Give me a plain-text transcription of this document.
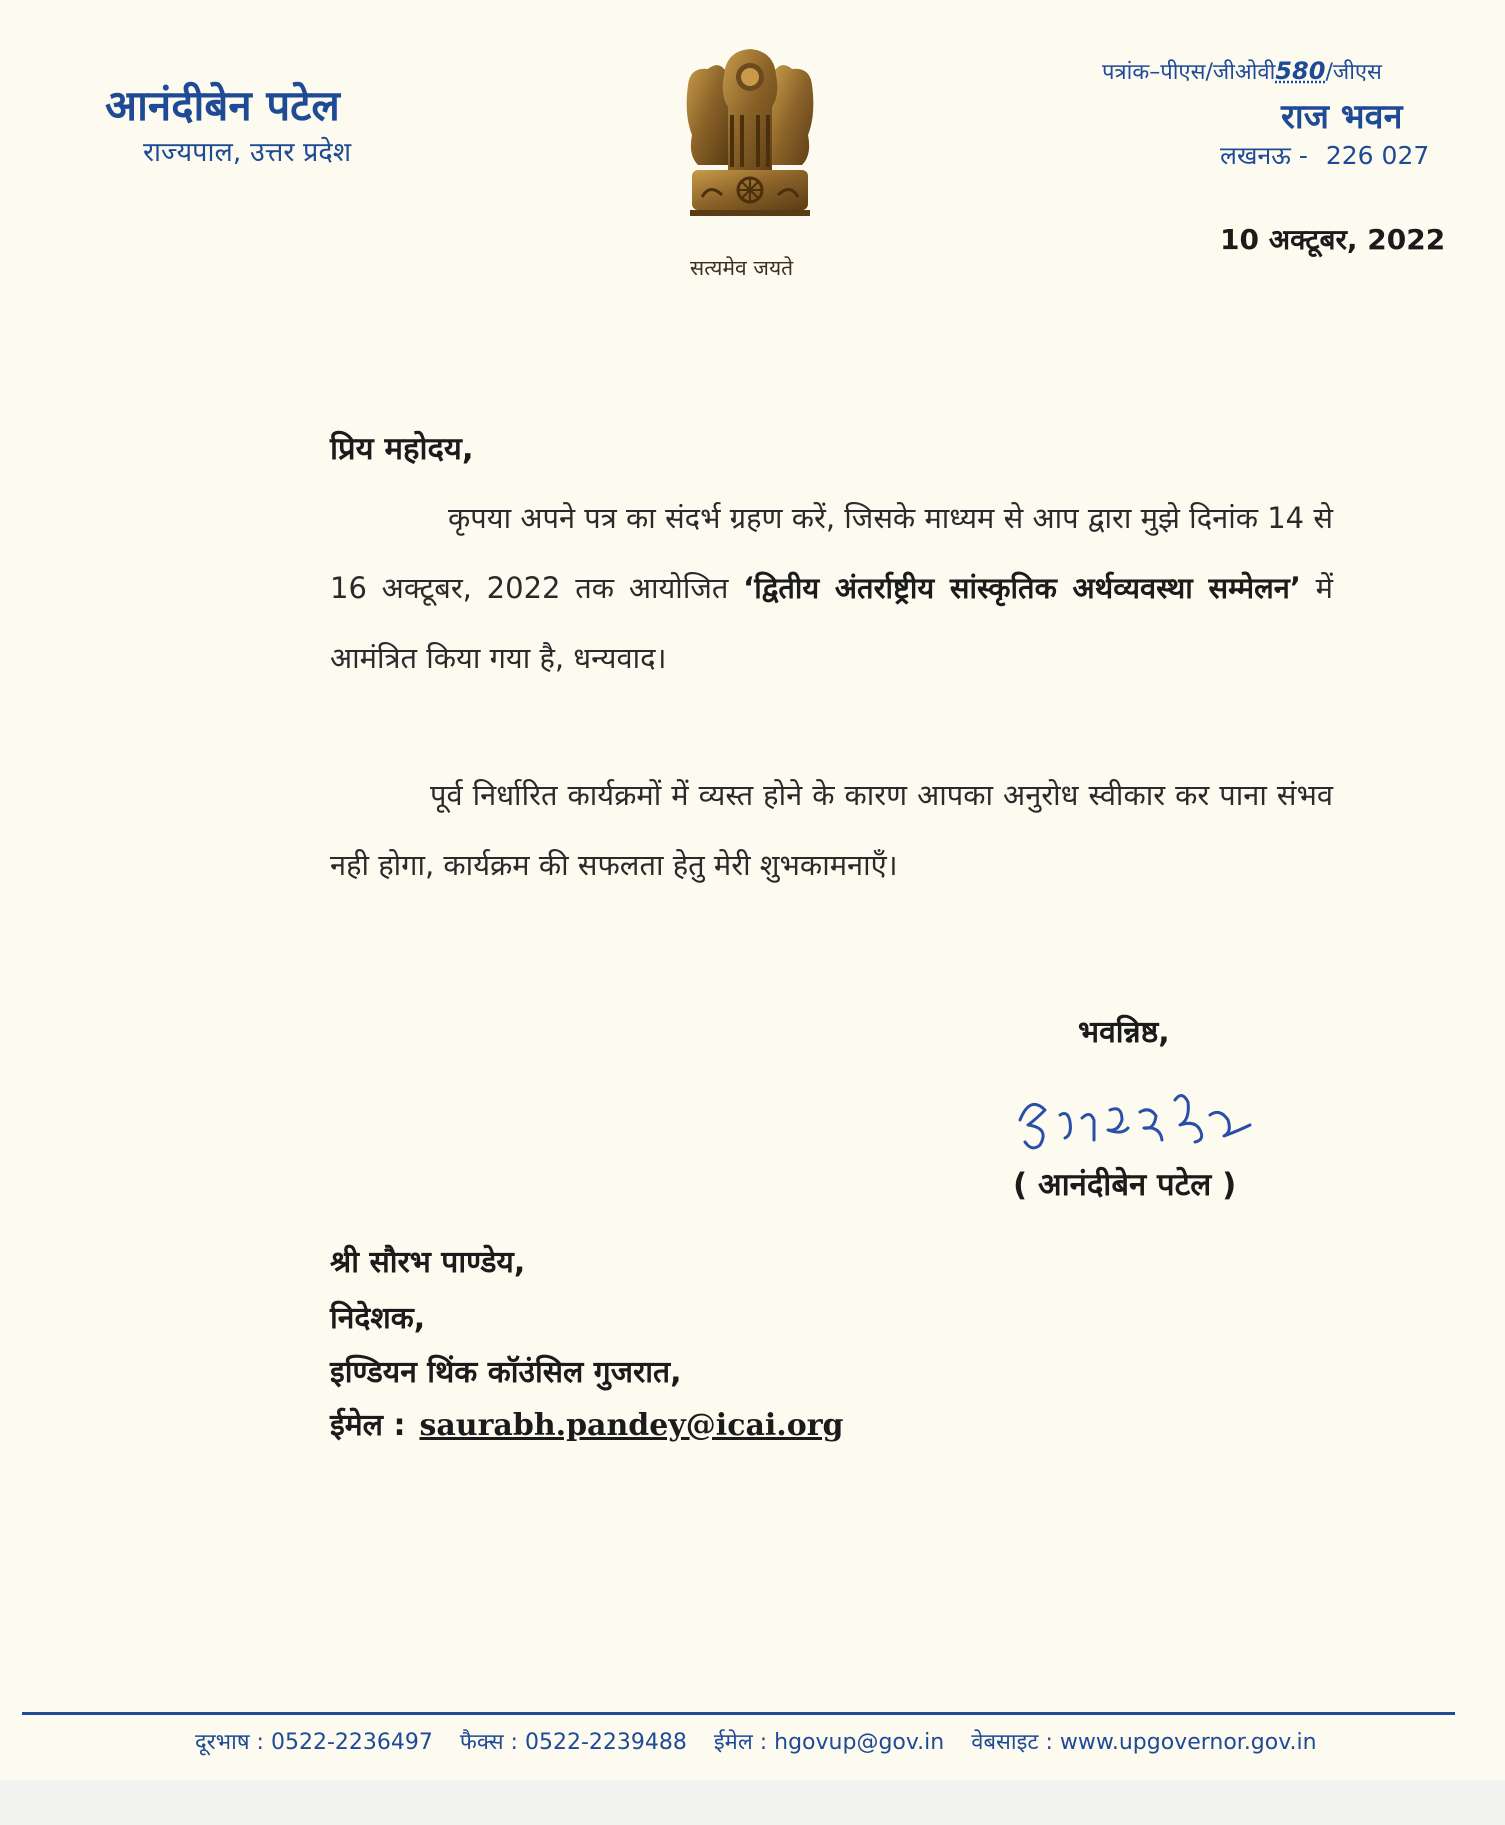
आनंदीबेन पटेल
राज्यपाल, उत्तर प्रदेश
सत्यमेव जयते
पत्रांक–पीएस/जीओवी580/जीएस
राज भवन
लखनऊ - 226 027
10 अक्टूबर, 2022
प्रिय महोदय,
कृपया अपने पत्र का संदर्भ ग्रहण करें, जिसके माध्यम से आप द्वारा मुझे दिनांक 14 से 16 अक्टूबर, 2022 तक आयोजित ‘द्वितीय अंतर्राष्ट्रीय सांस्कृतिक अर्थव्यवस्था सम्मेलन’ में आमंत्रित किया गया है, धन्यवाद।
पूर्व निर्धारित कार्यक्रमों में व्यस्त होने के कारण आपका अनुरोध स्वीकार कर पाना संभव नही होगा, कार्यक्रम की सफलता हेतु मेरी शुभकामनाएँ।
भवन्निष्ठ,
( आनंदीबेन पटेल )
श्री सौरभ पाण्डेय,
निदेशक,
इण्डियन थिंक कॉउंसिल गुजरात,
ईमेल : saurabh.pandey@icai.org
दूरभाष : 0522-2236497 फैक्स : 0522-2239488 ईमेल : hgovup@gov.in वेबसाइट : www.upgovernor.gov.in
